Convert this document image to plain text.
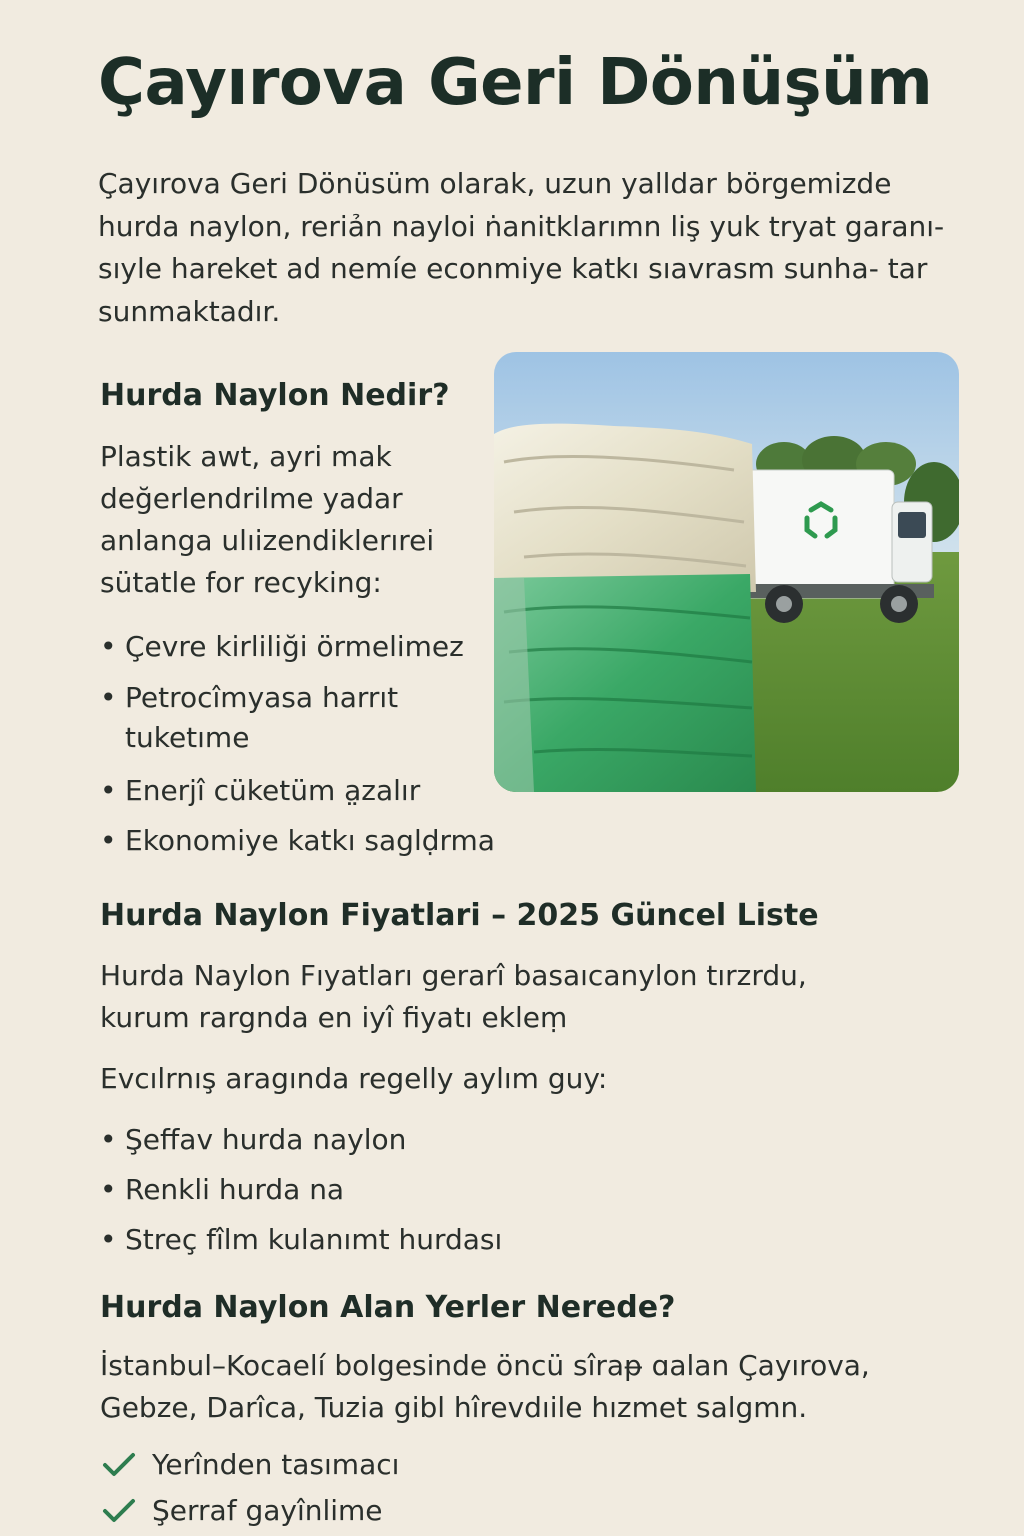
Çayırova Geri Dönüşüm

Çayırova Geri Dönüsüm olarak, uzun yalldar börgemizde hurda naylon, reriản nayloi ṅanitklarımn liş yuk tryat garanı- sıyle hareket ad nemíe econmiye katkı sıavrasm sunha- tar sunmaktadır.

Hurda Naylon Nedir?

Plastik awt, ayri mak değerlendrilme yadar anlanga ulıizendiklerırei sütatle for recyking:

• Çevre kirliliği örmelimez
• Petrocîmyasa harrıt tuketıme
• Enerjî cüketüm a̤zalır
• Ekonomiye katkı saglḍrma
Hurda Naylon Fiyatlari – 2025 Güncel Liste

Hurda Naylon Fıyatları gerarî basaıcanylon tırzrdu, kurum rargnda en iyî fiyatı ekleṃ

Evcılrnış aragında regelly aylım guy:

• Şeffav hurda naylon
• Renkli hurda na
• Streç fîlm kulanımt hurdası
Hurda Naylon Alan Yerler Nerede?

İstanbul–Kocaelí bolgesinde öncü sîraᵽ ɑalan Çayırova, Gebze, Darîca, Tuzia gibl hîrevdıile hızmet salgmn.

Yerînden tasımacı
Şerraf gayînlime
